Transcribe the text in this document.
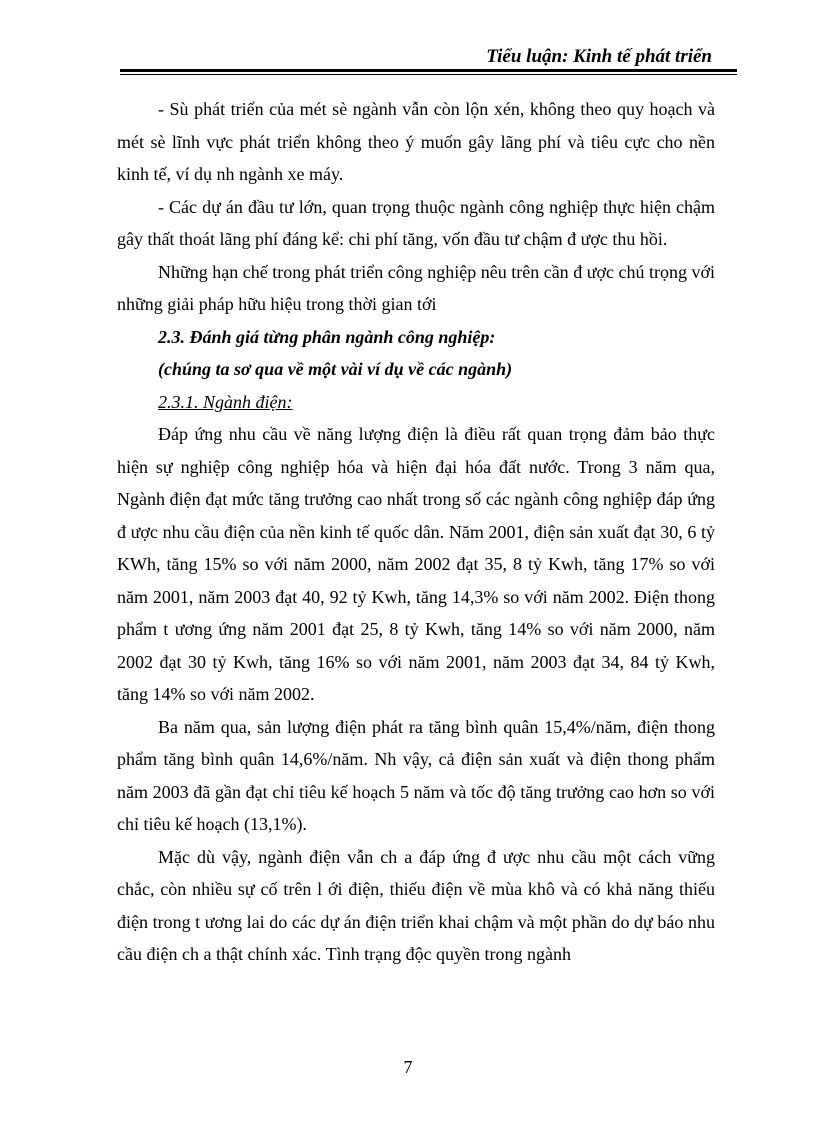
Tiểu luận: Kinh tế phát triển

- Sù phát triển của mét sè ngành vẫn còn lộn xén, không theo quy hoạch và mét sè lĩnh vực phát triển không theo ý muốn gây lãng phí và tiêu cực cho nền kinh tế, ví dụ nh ngành xe máy.

- Các dự án đầu tư lớn, quan trọng thuộc ngành công nghiệp thực hiện chậm gây thất thoát lãng phí đáng kể: chi phí tăng, vốn đầu tư chậm đ ược thu hồi.

Những hạn chế trong phát triển công nghiệp nêu trên cần đ ược chú trọng với những giải pháp hữu hiệu trong thời gian tới

2.3. Đánh giá từng phân ngành công nghiệp:

(chúng ta sơ qua về một vài ví dụ về các ngành)

2.3.1. Ngành điện:

Đáp ứng nhu cầu về năng lượng điện là điều rất quan trọng đảm bảo thực hiện sự nghiệp công nghiệp hóa và hiện đại hóa đất nước. Trong 3 năm qua, Ngành điện đạt mức tăng trưởng cao nhất trong số các ngành công nghiệp đáp ứng đ ược nhu cầu điện của nền kinh tế quốc dân. Năm 2001, điện sản xuất đạt 30, 6 tỷ KWh, tăng 15% so với năm 2000, năm 2002 đạt 35, 8 tỷ Kwh, tăng 17% so với năm 2001, năm 2003 đạt 40, 92 tỷ Kwh, tăng 14,3% so với năm 2002. Điện thong phẩm t ương ứng năm 2001 đạt 25, 8 tỷ Kwh, tăng 14% so với năm 2000, năm 2002 đạt 30 tỷ Kwh, tăng 16% so với năm 2001, năm 2003 đạt 34, 84 tỷ Kwh, tăng 14% so với năm 2002.

Ba năm qua, sản lượng điện phát ra tăng bình quân 15,4%/năm, điện thong phẩm tăng bình quân 14,6%/năm. Nh vậy, cả điện sản xuất và điện thong phẩm năm 2003 đã gần đạt chỉ tiêu kế hoạch 5 năm và tốc độ tăng trưởng cao hơn so với chỉ tiêu kế hoạch (13,1%).

Mặc dù vậy, ngành điện vẫn ch a đáp ứng đ ược nhu cầu một cách vững chắc, còn nhiều sự cố trên l ới điện, thiếu điện về mùa khô và có khả năng thiếu điện trong t ương lai do các dự án điện triển khai chậm và một phần do dự báo nhu cầu điện ch a thật chính xác. Tình trạng độc quyền trong ngành

7
